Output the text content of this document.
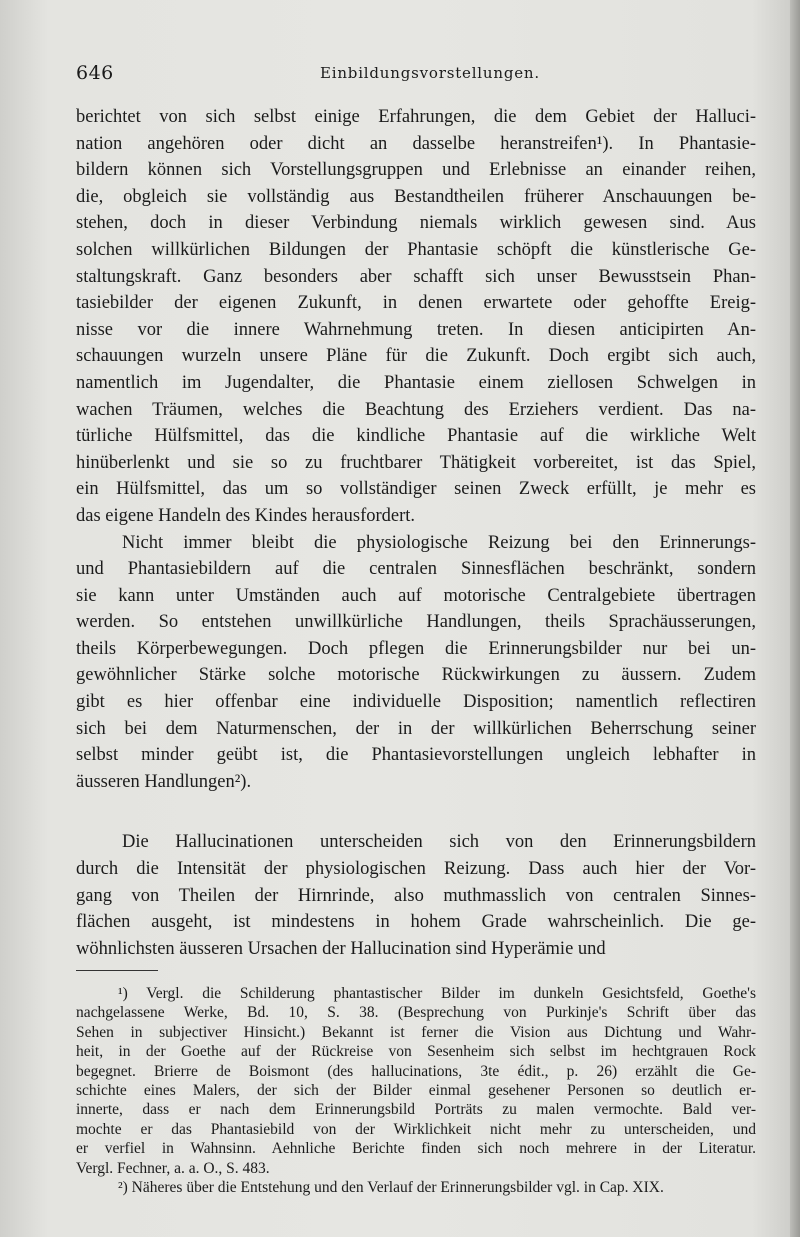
646	Einbildungsvorstellungen.
berichtet von sich selbst einige Erfahrungen, die dem Gebiet der Halluci-
nation angehören oder dicht an dasselbe heranstreifen¹). In Phantasie-
bildern können sich Vorstellungsgruppen und Erlebnisse an einander reihen,
die, obgleich sie vollständig aus Bestandtheilen früherer Anschauungen be-
stehen, doch in dieser Verbindung niemals wirklich gewesen sind. Aus
solchen willkürlichen Bildungen der Phantasie schöpft die künstlerische Ge-
staltungskraft. Ganz besonders aber schafft sich unser Bewusstsein Phan-
tasiebilder der eigenen Zukunft, in denen erwartete oder gehoffte Ereig-
nisse vor die innere Wahrnehmung treten. In diesen anticipirten An-
schauungen wurzeln unsere Pläne für die Zukunft. Doch ergibt sich auch,
namentlich im Jugendalter, die Phantasie einem ziellosen Schwelgen in
wachen Träumen, welches die Beachtung des Erziehers verdient. Das na-
türliche Hülfsmittel, das die kindliche Phantasie auf die wirkliche Welt
hinüberlenkt und sie so zu fruchtbarer Thätigkeit vorbereitet, ist das Spiel,
ein Hülfsmittel, das um so vollständiger seinen Zweck erfüllt, je mehr es
das eigene Handeln des Kindes herausfordert.
Nicht immer bleibt die physiologische Reizung bei den Erinnerungs-
und Phantasiebildern auf die centralen Sinnesflächen beschränkt, sondern
sie kann unter Umständen auch auf motorische Centralgebiete übertragen
werden. So entstehen unwillkürliche Handlungen, theils Sprachäusserungen,
theils Körperbewegungen. Doch pflegen die Erinnerungsbilder nur bei un-
gewöhnlicher Stärke solche motorische Rückwirkungen zu äussern. Zudem
gibt es hier offenbar eine individuelle Disposition; namentlich reflectiren
sich bei dem Naturmenschen, der in der willkürlichen Beherrschung seiner
selbst minder geübt ist, die Phantasievorstellungen ungleich lebhafter in
äusseren Handlungen²).
Die Hallucinationen unterscheiden sich von den Erinnerungsbildern
durch die Intensität der physiologischen Reizung. Dass auch hier der Vor-
gang von Theilen der Hirnrinde, also muthmasslich von centralen Sinnes-
flächen ausgeht, ist mindestens in hohem Grade wahrscheinlich. Die ge-
wöhnlichsten äusseren Ursachen der Hallucination sind Hyperämie und
¹) Vergl. die Schilderung phantastischer Bilder im dunkeln Gesichtsfeld, Goethe's
nachgelassene Werke, Bd. 10, S. 38. (Besprechung von Purkinje's Schrift über das
Sehen in subjectiver Hinsicht.) Bekannt ist ferner die Vision aus Dichtung und Wahr-
heit, in der Goethe auf der Rückreise von Sesenheim sich selbst im hechtgrauen Rock
begegnet. Brierre de Boismont (des hallucinations, 3te édit., p. 26) erzählt die Ge-
schichte eines Malers, der sich der Bilder einmal gesehener Personen so deutlich er-
innerte, dass er nach dem Erinnerungsbild Porträts zu malen vermochte. Bald ver-
mochte er das Phantasiebild von der Wirklichkeit nicht mehr zu unterscheiden, und
er verfiel in Wahnsinn. Aehnliche Berichte finden sich noch mehrere in der Literatur.
Vergl. Fechner, a. a. O., S. 483.
²) Näheres über die Entstehung und den Verlauf der Erinnerungsbilder vgl. in Cap. XIX.
